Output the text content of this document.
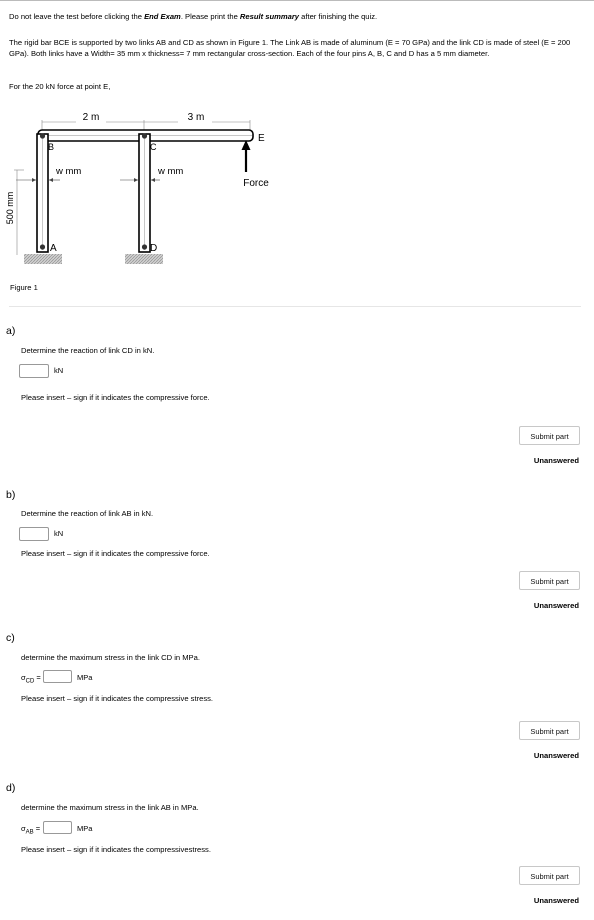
Do not leave the test before clicking the End Exam. Please print the Result summary after finishing the quiz.
The rigid bar BCE is supported by two links AB and CD as shown in Figure 1. The Link AB is made of aluminum (E = 70 GPa) and the link CD is made of steel (E = 200 GPa). Both links have a Width= 35 mm x thickness= 7 mm rectangular cross-section. Each of the four pins A, B, C and D has a 5 mm diameter.
For the 20 kN force at point E,
2 m	3 m
B	C
A	D
E
w mm	w mm
500 mm
Force
Figure 1
a)
Determine the reaction of link CD in kN.
kN
Please insert – sign if it indicates the compressive force.
Submit part
Unanswered
b)
Determine the reaction of link AB in kN.
kN
Please insert – sign if it indicates the compressive force.
Submit part
Unanswered
c)
determine the maximum stress in the link CD in MPa.
$\sigma_{CD}$ =	MPa
Please insert – sign if it indicates the compressive stress.
Submit part
Unanswered
d)
determine the maximum stress in the link AB in MPa.
$\sigma_{AB}$ =	MPa
Please insert – sign if it indicates the compressivestress.
Submit part
Unanswered
